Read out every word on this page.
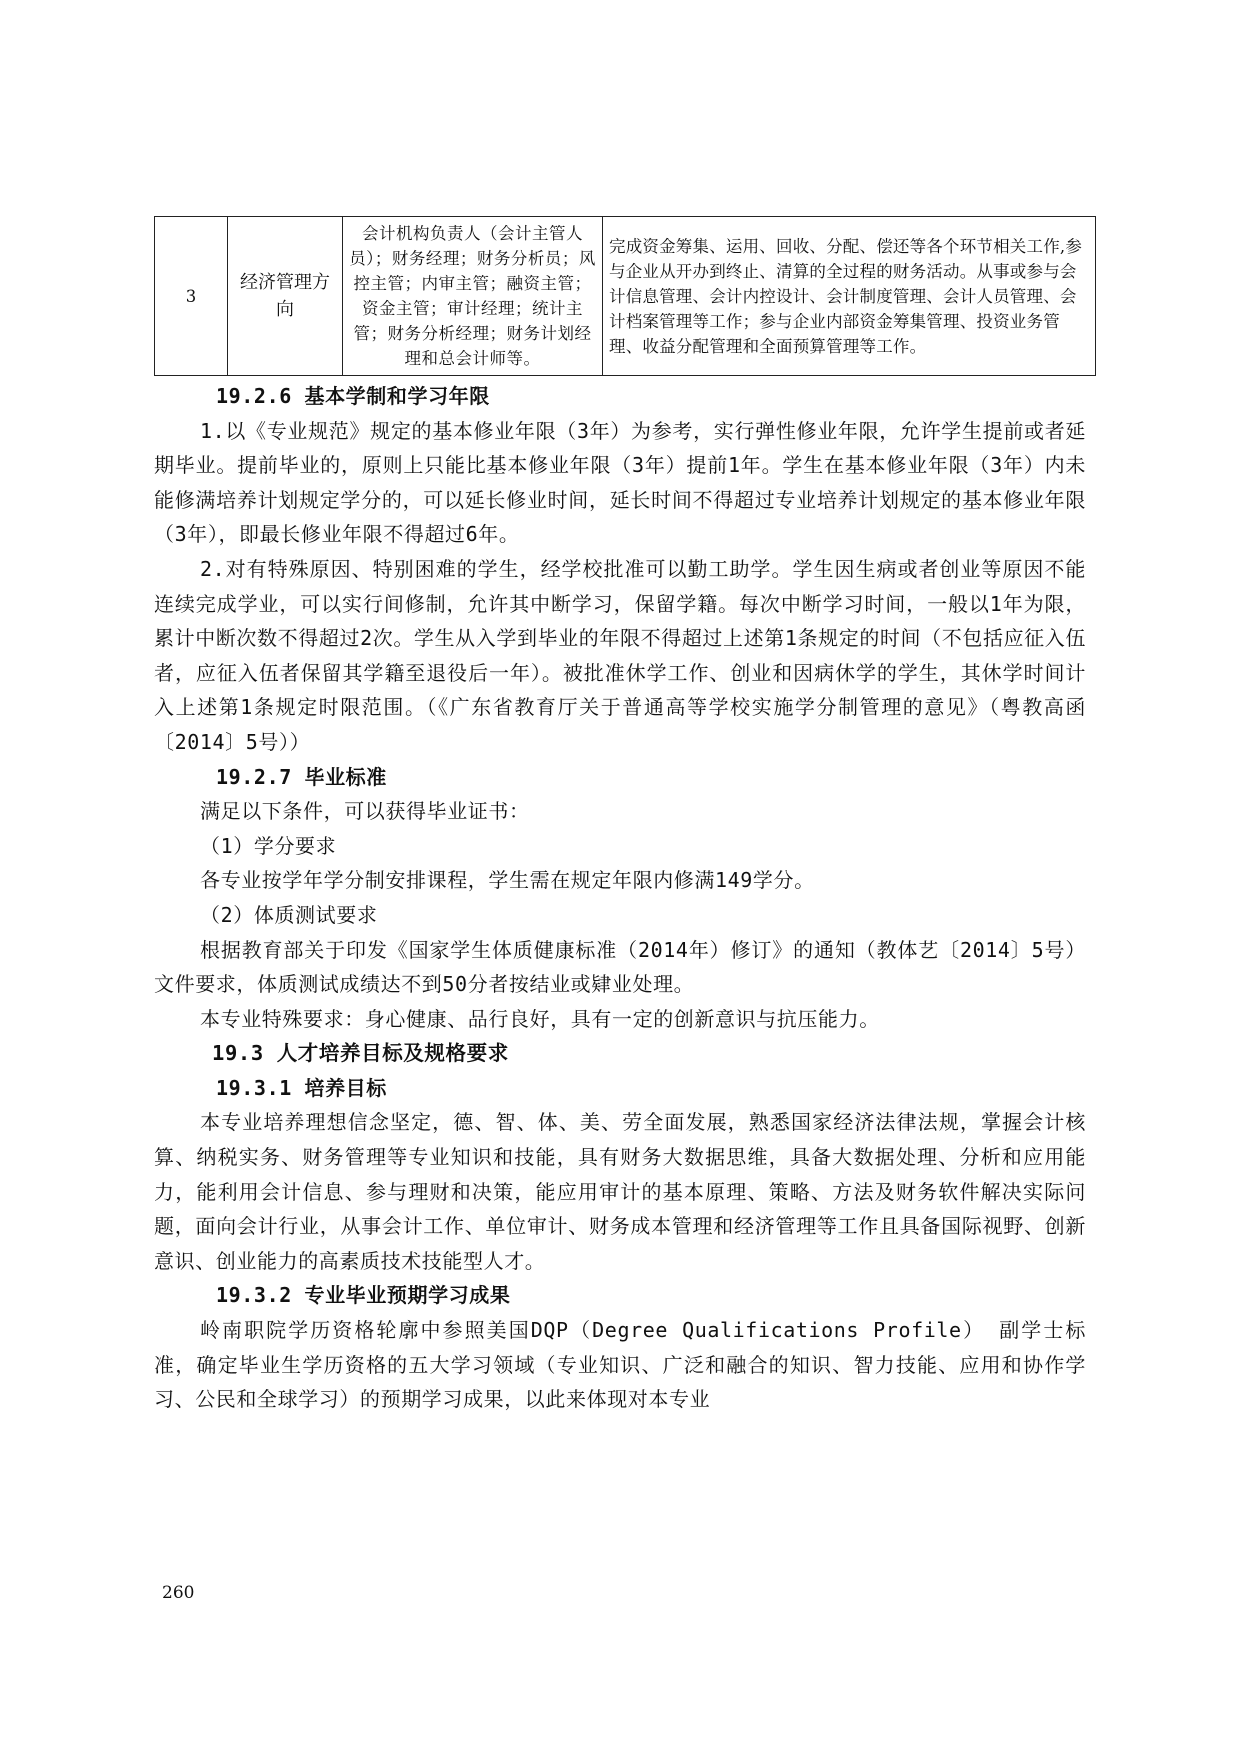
3	经济管理方向	会计机构负责人（会计主管人员）；财务经理；财务分析员；风控主管；内审主管；融资主管；资金主管；审计经理；统计主管；财务分析经理；财务计划经理和总会计师等。	完成资金筹集、运用、回收、分配、偿还等各个环节相关工作,参与企业从开办到终止、清算的全过程的财务活动。从事或参与会计信息管理、会计内控设计、会计制度管理、会计人员管理、会计档案管理等工作；参与企业内部资金筹集管理、投资业务管理、收益分配管理和全面预算管理等工作。
19.2.6 基本学制和学习年限

1.以《专业规范》规定的基本修业年限（3年）为参考，实行弹性修业年限，允许学生提前或者延期毕业。提前毕业的，原则上只能比基本修业年限（3年）提前1年。学生在基本修业年限（3年）内未能修满培养计划规定学分的，可以延长修业时间，延长时间不得超过专业培养计划规定的基本修业年限（3年），即最长修业年限不得超过6年。

2.对有特殊原因、特别困难的学生，经学校批准可以勤工助学。学生因生病或者创业等原因不能连续完成学业，可以实行间修制，允许其中断学习，保留学籍。每次中断学习时间，一般以1年为限，累计中断次数不得超过2次。学生从入学到毕业的年限不得超过上述第1条规定的时间（不包括应征入伍者，应征入伍者保留其学籍至退役后一年）。被批准休学工作、创业和因病休学的学生，其休学时间计入上述第1条规定时限范围。（《广东省教育厅关于普通高等学校实施学分制管理的意见》（粤教高函〔2014〕5号））

19.2.7 毕业标准

满足以下条件，可以获得毕业证书：

（1）学分要求

各专业按学年学分制安排课程，学生需在规定年限内修满149学分。

（2）体质测试要求

根据教育部关于印发《国家学生体质健康标准（2014年）修订》的通知（教体艺〔2014〕5号）文件要求，体质测试成绩达不到50分者按结业或肄业处理。

本专业特殊要求：身心健康、品行良好，具有一定的创新意识与抗压能力。

19.3 人才培养目标及规格要求
19.3.1 培养目标

本专业培养理想信念坚定，德、智、体、美、劳全面发展，熟悉国家经济法律法规，掌握会计核算、纳税实务、财务管理等专业知识和技能，具有财务大数据思维，具备大数据处理、分析和应用能力，能利用会计信息、参与理财和决策，能应用审计的基本原理、策略、方法及财务软件解决实际问题，面向会计行业，从事会计工作、单位审计、财务成本管理和经济管理等工作且具备国际视野、创新意识、创业能力的高素质技术技能型人才。

19.3.2 专业毕业预期学习成果

岭南职院学历资格轮廓中参照美国DQP（Degree Qualifications Profile） 副学士标准，确定毕业生学历资格的五大学习领域（专业知识、广泛和融合的知识、智力技能、应用和协作学习、公民和全球学习）的预期学习成果，以此来体现对本专业

260
